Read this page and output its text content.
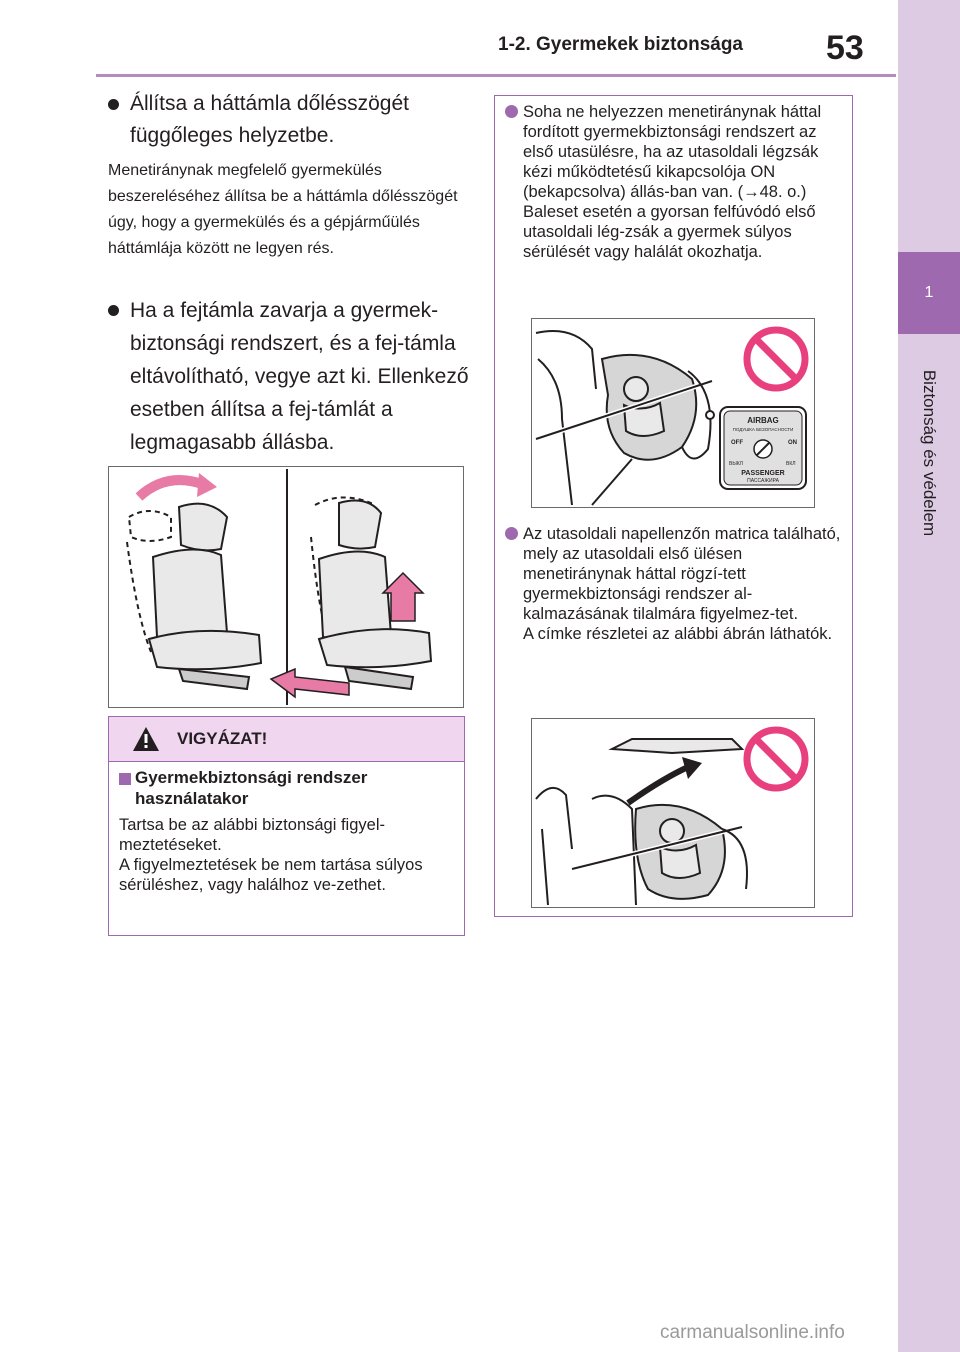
1-2. Gyermekek biztonsága 53
1
Biztonság és védelem
Állítsa a háttámla dőlésszögét függőleges helyzetbe.
Menetiránynak megfelelő gyermekülés beszereléséhez állítsa be a háttámla dőlésszögét úgy, hogy a gyermekülés és a gépjárműülés háttámlája között ne legyen rés.
Ha a fejtámla zavarja a gyermek-biztonsági rendszert, és a fej-támla eltávolítható, vegye azt ki. Ellenkező esetben állítsa a fej-támlát a legmagasabb állásba.
VIGYÁZAT!
Gyermekbiztonsági rendszer használatakor
Tartsa be az alábbi biztonsági figyel-meztetéseket.
A figyelmeztetések be nem tartása súlyos sérüléshez, vagy halálhoz ve-zethet.
Soha ne helyezzen menetiránynak háttal fordított gyermekbiztonsági rendszert az első utasülésre, ha az utasoldali légzsák kézi működtetésű kikapcsolója ON (bekapcsolva) állás-ban van. (→48. o.) Baleset esetén a gyorsan felfúvódó első utasoldali lég-zsák a gyermek súlyos sérülését vagy halálát okozhatja.
AIRBAG
ПОДУШКА БЕЗОПАСНОСТИ
OFF	ON
ВЫКЛ	ВКЛ
PASSENGER
ПАССАЖИРА
Az utasoldali napellenzőn matrica található, mely az utasoldali első ülésen menetiránynak háttal rögzí-tett gyermekbiztonsági rendszer al-kalmazásának tilalmára figyelmez-tet.
A címke részletei az alábbi ábrán láthatók.
carmanualsonline.info
